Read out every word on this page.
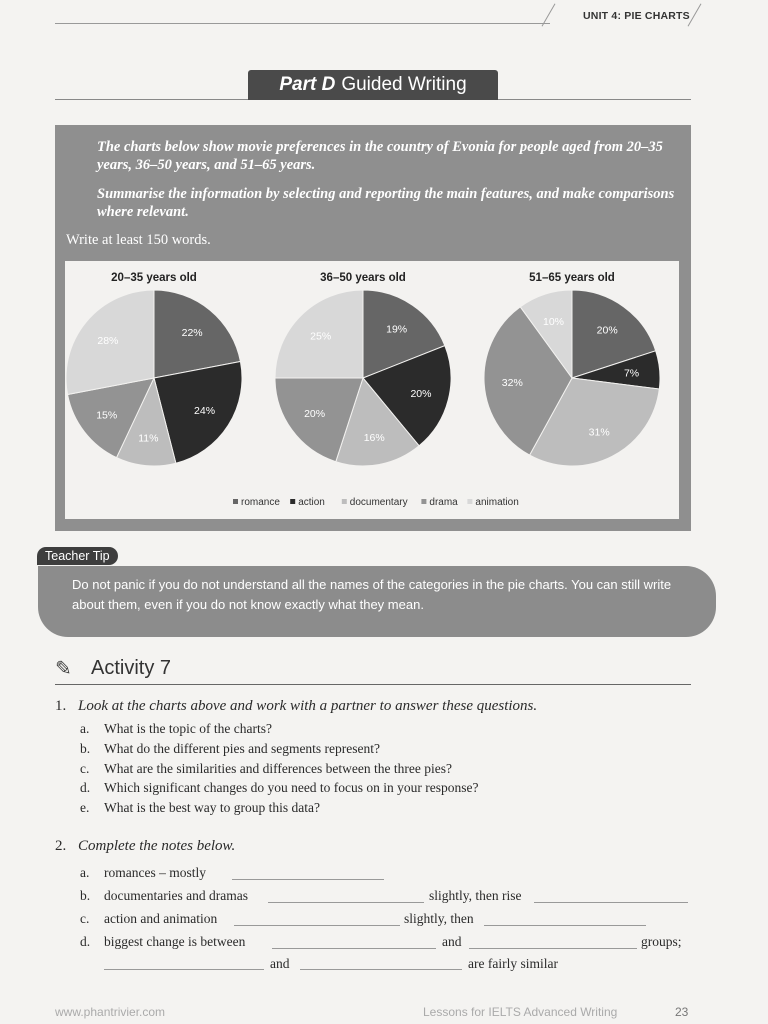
UNIT 4: PIE CHARTS
Part D Guided Writing

The charts below show movie preferences in the country of Evonia for people aged from 20–35 years, 36–50 years, and 51–65 years.

Summarise the information by selecting and reporting the main features, and make comparisons where relevant.

Write at least 150 words.

20–35 years old
22%
24%
11%
15%
28%
36–50 years old
19%
20%
16%
20%
25%
51–65 years old
20%
7%
31%
32%
10%
romance action documentary drama animation
Do not panic if you do not understand all the names of the categories in the pie charts. You can still write about them, even if you do not know exactly what they mean.
Teacher Tip
✎ Activity 7
1. Look at the charts above and work with a partner to answer these questions.
a. What is the topic of the charts?
b. What do the different pies and segments represent?
c. What are the similarities and differences between the three pies?
d. Which significant changes do you need to focus on in your response?
e. What is the best way to group this data?
2. Complete the notes below.
a. romances – mostly
b. documentaries and dramas	slightly, then rise
c. action and animation	slightly, then
d. biggest change is between	and	groups;
and	are fairly similar
www.phantrivier.com	Lessons for IELTS Advanced Writing	23
